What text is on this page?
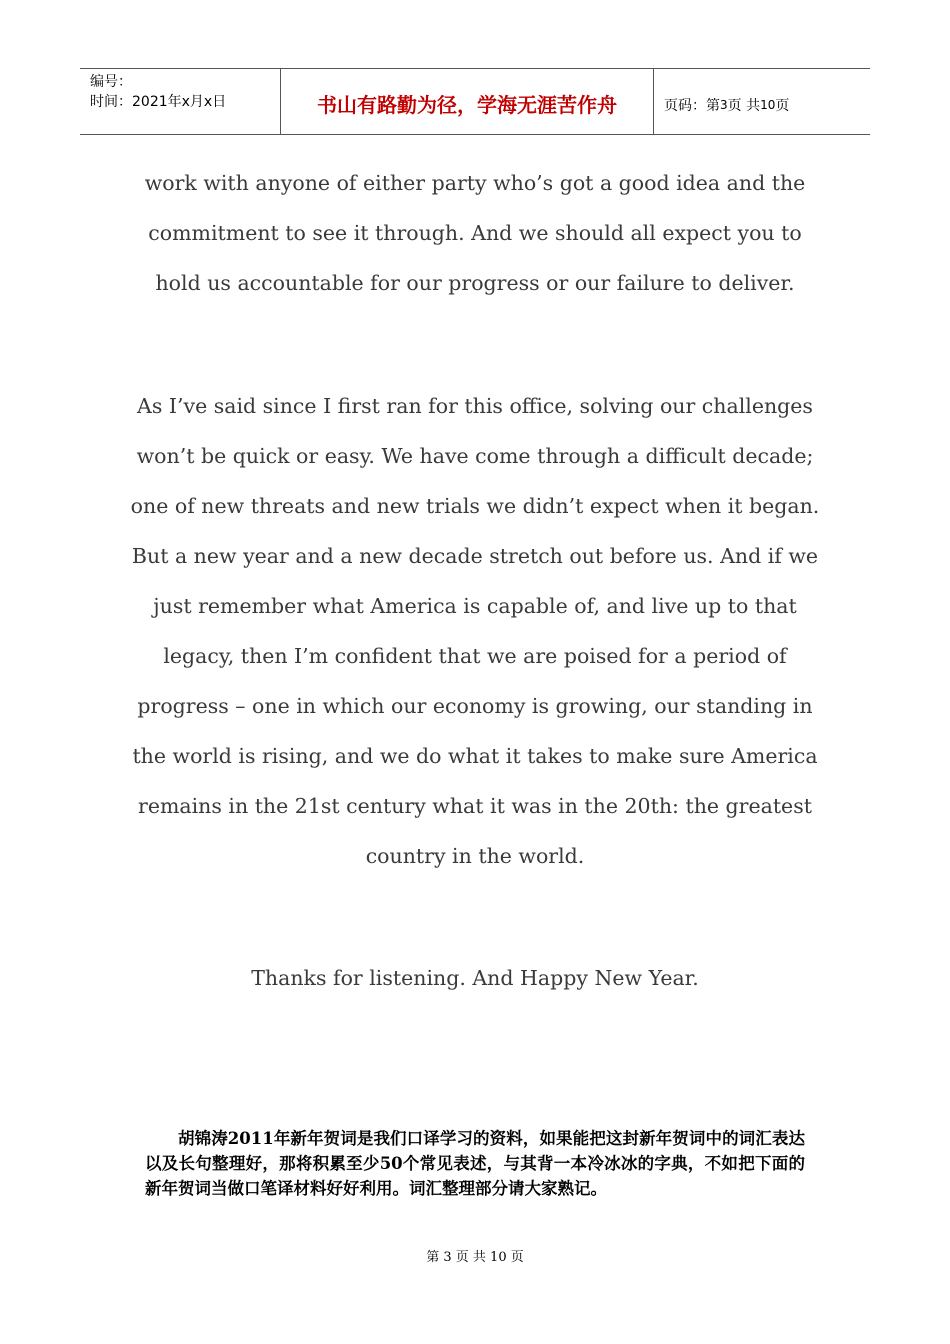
编号：
时间：2021年x月x日	书山有路勤为径，学海无涯苦作舟	页码：第 3 页 共 10 页

work with anyone of either party who’s got a good idea and the commitment to see it through. And we should all expect you to hold us accountable for our progress or our failure to deliver.

As I’ve said since I first ran for this office, solving our challenges won’t be quick or easy. We have come through a difficult decade; one of new threats and new trials we didn’t expect when it began. But a new year and a new decade stretch out before us. And if we just remember what America is capable of, and live up to that legacy, then I’m confident that we are poised for a period of progress – one in which our economy is growing, our standing in the world is rising, and we do what it takes to make sure America remains in the 21st century what it was in the 20th: the greatest country in the world.

Thanks for listening. And Happy New Year.

胡锦涛2011年新年贺词是我们口译学习的资料，如果能把这封新年贺词中的词汇表达以及长句整理好，那将积累至少50个常见表述，与其背一本冷冰冰的字典，不如把下面的新年贺词当做口笔译材料好好利用。词汇整理部分请大家熟记。

第 3 页 共 10 页
